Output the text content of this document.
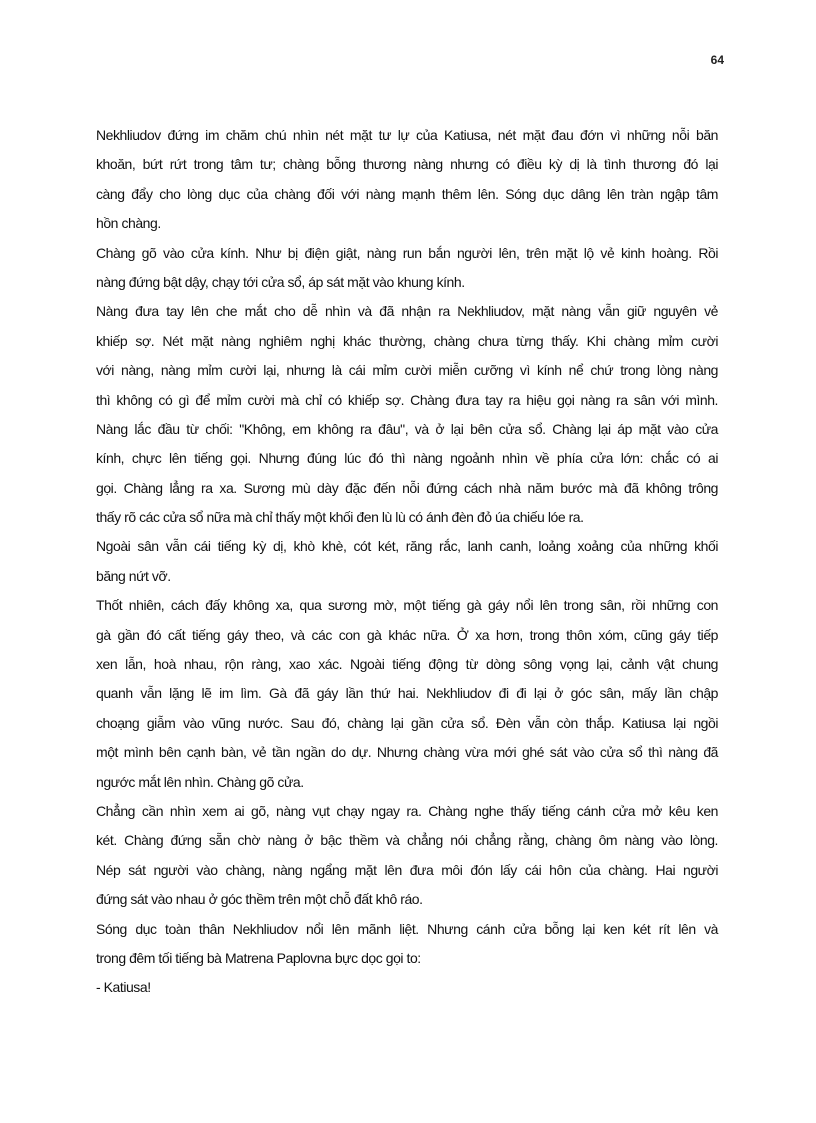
64
Nekhliudov đứng im chăm chú nhìn nét mặt tư lự của Katiusa, nét mặt đau đớn vì những nỗi băn
khoăn, bứt rứt trong tâm tư; chàng bỗng thương nàng nhưng có điều kỳ dị là tình thương đó lại
càng đẩy cho lòng dục của chàng đối với nàng mạnh thêm lên. Sóng dục dâng lên tràn ngập tâm
hồn chàng.
Chàng gõ vào cửa kính. Như bị điện giật, nàng run bắn người lên, trên mặt lộ vẻ kinh hoàng. Rồi
nàng đứng bật dậy, chạy tới cửa sổ, áp sát mặt vào khung kính.
Nàng đưa tay lên che mắt cho dễ nhìn và đã nhận ra Nekhliudov, mặt nàng vẫn giữ nguyên vẻ
khiếp sợ. Nét mặt nàng nghiêm nghị khác thường, chàng chưa từng thấy. Khi chàng mỉm cười
với nàng, nàng mỉm cười lại, nhưng là cái mỉm cười miễn cưỡng vì kính nể chứ trong lòng nàng
thì không có gì để mỉm cười mà chỉ có khiếp sợ. Chàng đưa tay ra hiệu gọi nàng ra sân với mình.
Nàng lắc đầu từ chối: "Không, em không ra đâu", và ở lại bên cửa sổ. Chàng lại áp mặt vào cửa
kính, chực lên tiếng gọi. Nhưng đúng lúc đó thì nàng ngoảnh nhìn về phía cửa lớn: chắc có ai
gọi. Chàng lẳng ra xa. Sương mù dày đặc đến nỗi đứng cách nhà năm bước mà đã không trông
thấy rõ các cửa sổ nữa mà chỉ thấy một khối đen lù lù có ánh đèn đỏ úa chiếu lóe ra.
Ngoài sân vẫn cái tiếng kỳ dị, khò khè, cót két, răng rắc, lanh canh, loảng xoảng của những khối
băng nứt vỡ.
Thốt nhiên, cách đấy không xa, qua sương mờ, một tiếng gà gáy nổi lên trong sân, rồi những con
gà gần đó cất tiếng gáy theo, và các con gà khác nữa. Ở xa hơn, trong thôn xóm, cũng gáy tiếp
xen lẫn, hoà nhau, rộn ràng, xao xác. Ngoài tiếng động từ dòng sông vọng lại, cảnh vật chung
quanh vẫn lặng lẽ im lìm. Gà đã gáy lần thứ hai. Nekhliudov đi đi lại ở góc sân, mấy lần chập
choạng giẫm vào vũng nước. Sau đó, chàng lại gần cửa sổ. Đèn vẫn còn thắp. Katiusa lại ngồi
một mình bên cạnh bàn, vẻ tần ngần do dự. Nhưng chàng vừa mới ghé sát vào cửa sổ thì nàng đã
ngước mắt lên nhìn. Chàng gõ cửa.
Chẳng cần nhìn xem ai gõ, nàng vụt chạy ngay ra. Chàng nghe thấy tiếng cánh cửa mở kêu ken
két. Chàng đứng sẵn chờ nàng ở bậc thềm và chẳng nói chẳng rằng, chàng ôm nàng vào lòng.
Nép sát người vào chàng, nàng ngẩng mặt lên đưa môi đón lấy cái hôn của chàng. Hai người
đứng sát vào nhau ở góc thềm trên một chỗ đất khô ráo.
Sóng dục toàn thân Nekhliudov nổi lên mãnh liệt. Nhưng cánh cửa bỗng lại ken két rít lên và
trong đêm tối tiếng bà Matrena Paplovna bực dọc gọi to:
- Katiusa!
